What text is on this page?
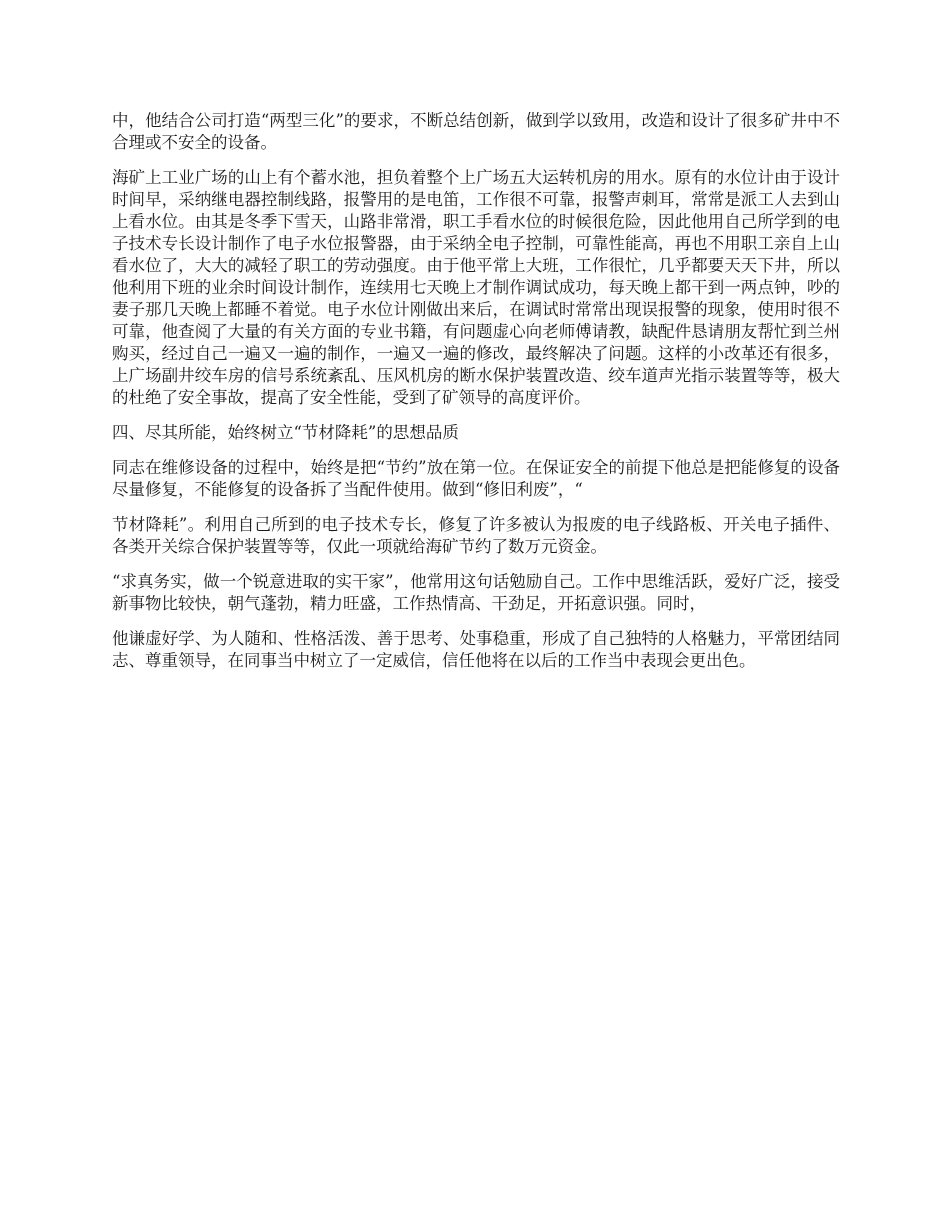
中，他结合公司打造“两型三化”的要求，不断总结创新，做到学以致用，改造和设计了很多矿井中不合理或不安全的设备。

海矿上工业广场的山上有个蓄水池，担负着整个上广场五大运转机房的用水。原有的水位计由于设计时间早，采纳继电器控制线路，报警用的是电笛，工作很不可靠，报警声刺耳，常常是派工人去到山上看水位。由其是冬季下雪天，山路非常滑，职工手看水位的时候很危险，因此他用自己所学到的电子技术专长设计制作了电子水位报警器，由于采纳全电子控制，可靠性能高，再也不用职工亲自上山看水位了，大大的减轻了职工的劳动强度。由于他平常上大班，工作很忙，几乎都要天天下井，所以他利用下班的业余时间设计制作，连续用七天晚上才制作调试成功，每天晚上都干到一两点钟，吵的妻子那几天晚上都睡不着觉。电子水位计刚做出来后，在调试时常常出现误报警的现象，使用时很不可靠，他查阅了大量的有关方面的专业书籍，有问题虚心向老师傅请教，缺配件恳请朋友帮忙到兰州购买，经过自己一遍又一遍的制作，一遍又一遍的修改，最终解决了问题。这样的小改革还有很多，上广场副井绞车房的信号系统紊乱、压风机房的断水保护装置改造、绞车道声光指示装置等等，极大的杜绝了安全事故，提高了安全性能，受到了矿领导的高度评价。

四、尽其所能，始终树立“节材降耗”的思想品质

同志在维修设备的过程中，始终是把“节约”放在第一位。在保证安全的前提下他总是把能修复的设备尽量修复，不能修复的设备拆了当配件使用。做到“修旧利废”，“

节材降耗”。利用自己所到的电子技术专长，修复了许多被认为报废的电子线路板、开关电子插件、各类开关综合保护装置等等，仅此一项就给海矿节约了数万元资金。

“求真务实，做一个锐意进取的实干家”，他常用这句话勉励自己。工作中思维活跃，爱好广泛，接受新事物比较快，朝气蓬勃，精力旺盛，工作热情高、干劲足，开拓意识强。同时，

他谦虚好学、为人随和、性格活泼、善于思考、处事稳重，形成了自己独特的人格魅力，平常团结同志、尊重领导，在同事当中树立了一定威信，信任他将在以后的工作当中表现会更出色。
